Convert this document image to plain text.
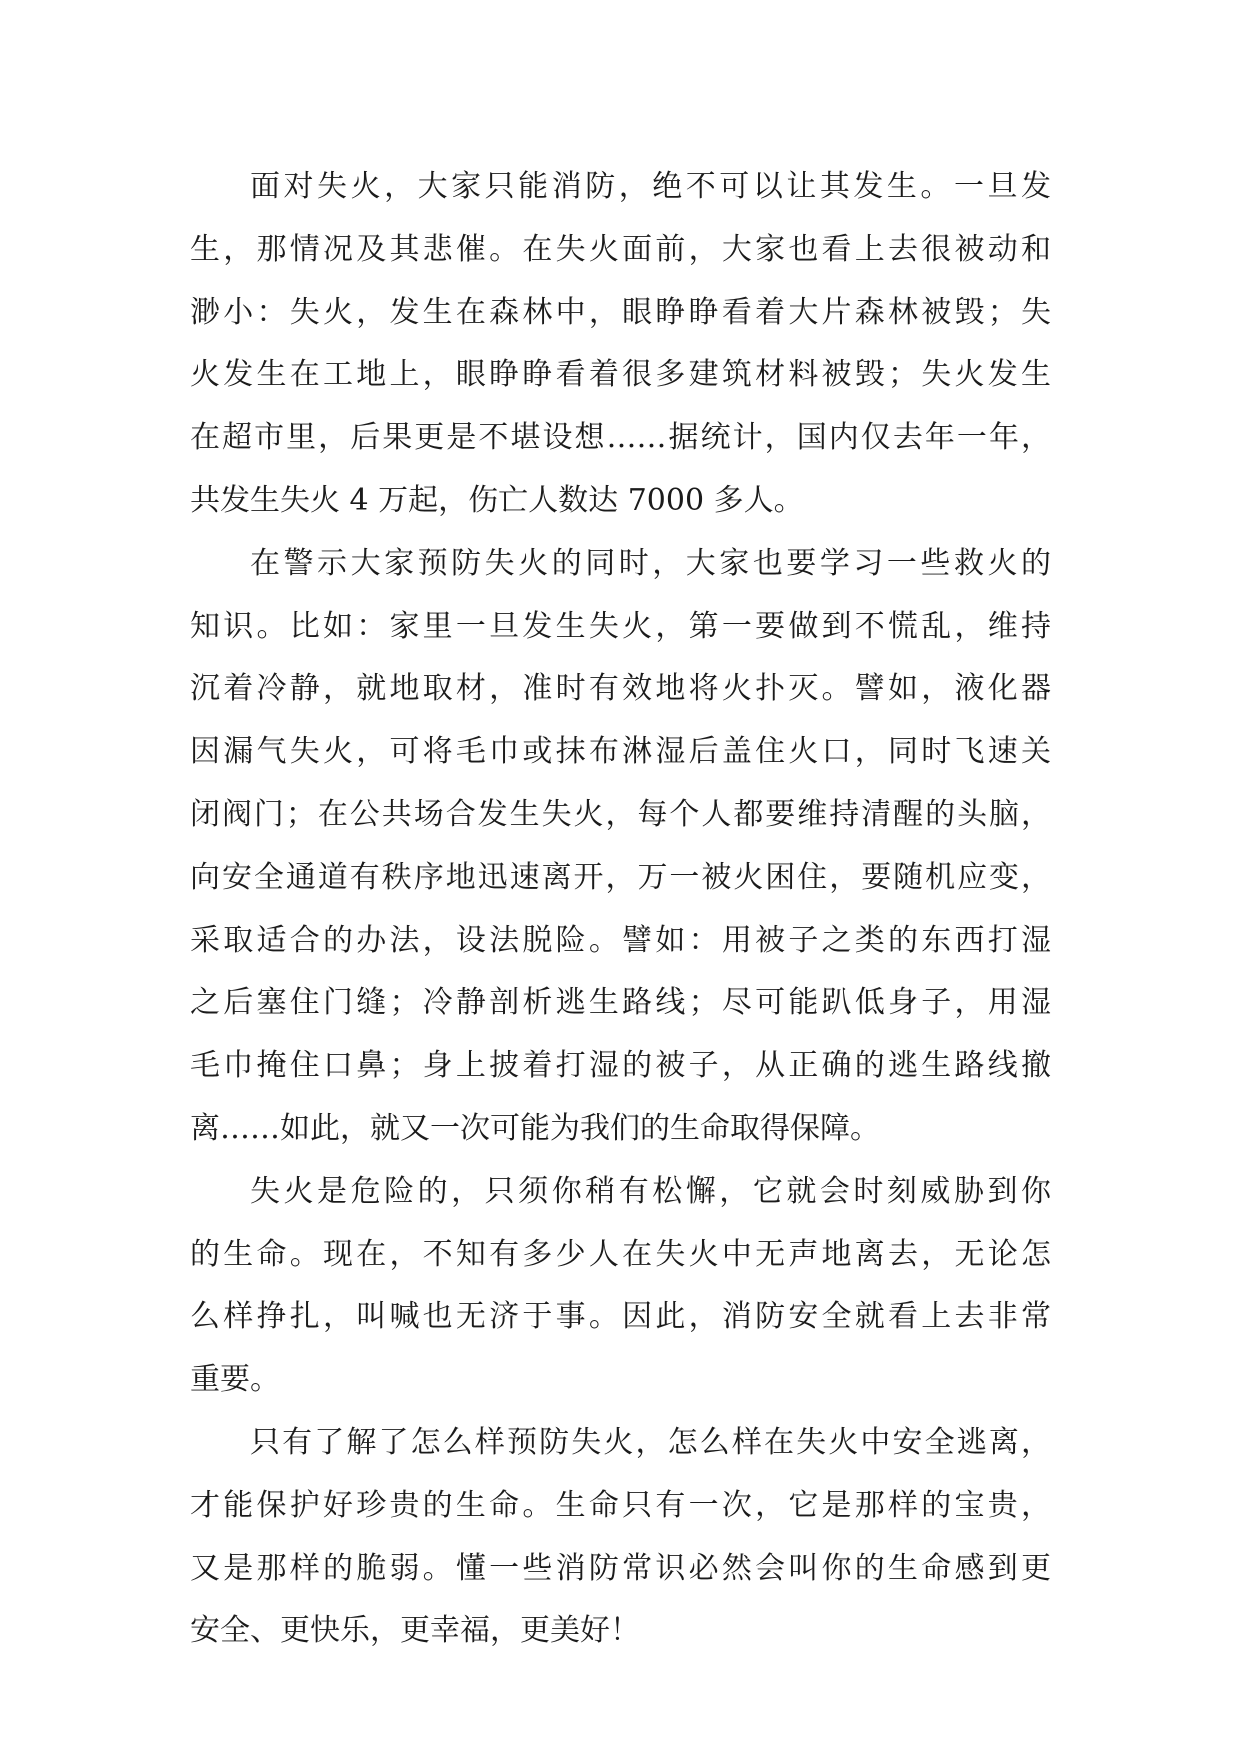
面对失火，大家只能消防，绝不可以让其发生。一旦发
生，那情况及其悲催。在失火面前，大家也看上去很被动和
渺小：失火，发生在森林中，眼睁睁看着大片森林被毁；失
火发生在工地上，眼睁睁看着很多建筑材料被毁；失火发生
在超市里，后果更是不堪设想……据统计，国内仅去年一年，
共发生失火 4 万起，伤亡人数达 7000 多人。
在警示大家预防失火的同时，大家也要学习一些救火的
知识。比如：家里一旦发生失火，第一要做到不慌乱，维持
沉着冷静，就地取材，准时有效地将火扑灭。譬如，液化器
因漏气失火，可将毛巾或抹布淋湿后盖住火口，同时飞速关
闭阀门；在公共场合发生失火，每个人都要维持清醒的头脑，
向安全通道有秩序地迅速离开，万一被火困住，要随机应变，
采取适合的办法，设法脱险。譬如：用被子之类的东西打湿
之后塞住门缝；冷静剖析逃生路线；尽可能趴低身子，用湿
毛巾掩住口鼻；身上披着打湿的被子，从正确的逃生路线撤
离……如此，就又一次可能为我们的生命取得保障。
失火是危险的，只须你稍有松懈，它就会时刻威胁到你
的生命。现在，不知有多少人在失火中无声地离去，无论怎
么样挣扎，叫喊也无济于事。因此，消防安全就看上去非常
重要。
只有了解了怎么样预防失火，怎么样在失火中安全逃离，
才能保护好珍贵的生命。生命只有一次，它是那样的宝贵，
又是那样的脆弱。懂一些消防常识必然会叫你的生命感到更
安全、更快乐，更幸福，更美好！
